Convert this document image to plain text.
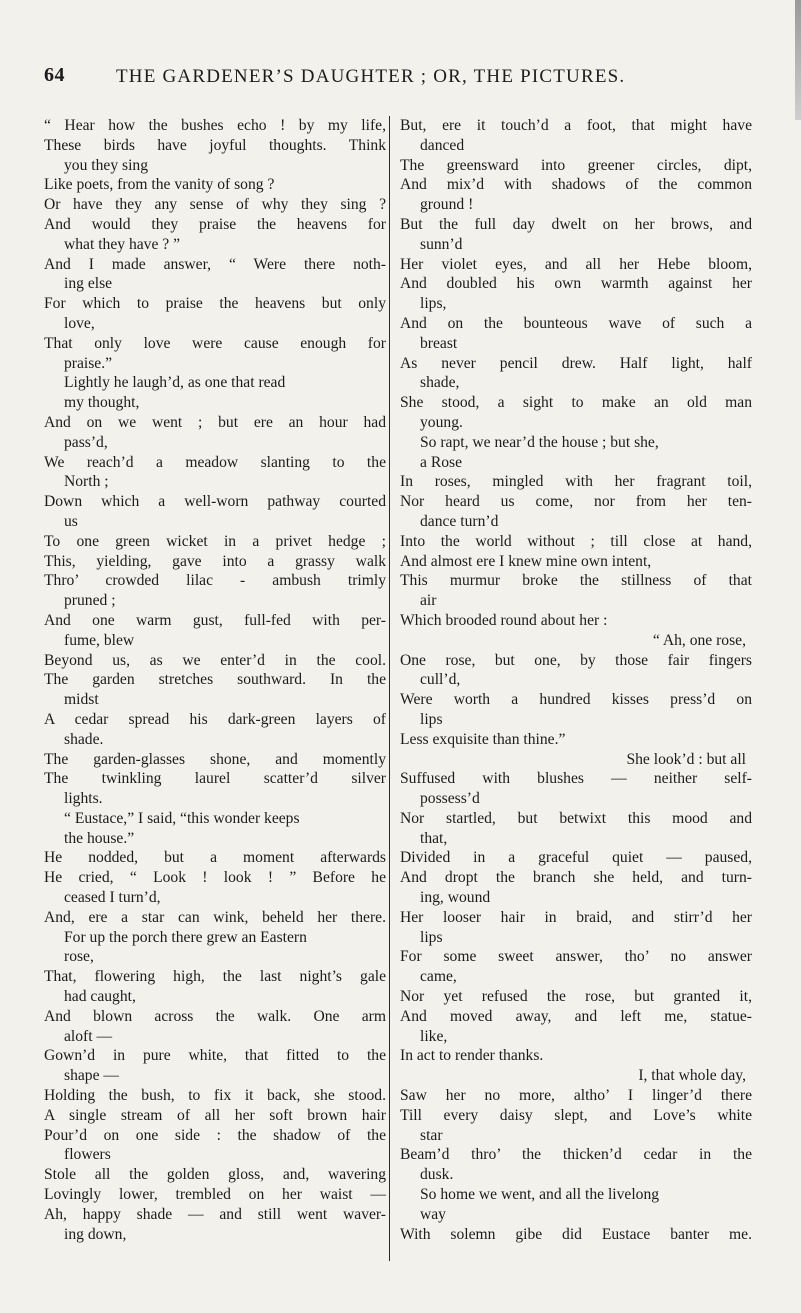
64	THE GARDENER’S DAUGHTER ; OR, THE PICTURES.
“ Hear how the bushes echo ! by my life,
These birds have joyful thoughts. Think
you they sing
Like poets, from the vanity of song ?
Or have they any sense of why they sing ?
And would they praise the heavens for
what they have ? ”
And I made answer, “ Were there noth-
ing else
For which to praise the heavens but only
love,
That only love were cause enough for
praise.”
Lightly he laugh’d, as one that read
my thought,
And on we went ; but ere an hour had
pass’d,
We reach’d a meadow slanting to the
North ;
Down which a well-worn pathway courted
us
To one green wicket in a privet hedge ;
This, yielding, gave into a grassy walk
Thro’ crowded lilac - ambush trimly
pruned ;
And one warm gust, full-fed with per-
fume, blew
Beyond us, as we enter’d in the cool.
The garden stretches southward. In the
midst
A cedar spread his dark-green layers of
shade.
The garden-glasses shone, and momently
The twinkling laurel scatter’d silver
lights.
“ Eustace,” I said, “this wonder keeps
the house.”
He nodded, but a moment afterwards
He cried, “ Look ! look ! ” Before he
ceased I turn’d,
And, ere a star can wink, beheld her there.
For up the porch there grew an Eastern
rose,
That, flowering high, the last night’s gale
had caught,
And blown across the walk. One arm
aloft —
Gown’d in pure white, that fitted to the
shape —
Holding the bush, to fix it back, she stood.
A single stream of all her soft brown hair
Pour’d on one side : the shadow of the
flowers
Stole all the golden gloss, and, wavering
Lovingly lower, trembled on her waist —
Ah, happy shade — and still went waver-
ing down,
But, ere it touch’d a foot, that might have
danced
The greensward into greener circles, dipt,
And mix’d with shadows of the common
ground !
But the full day dwelt on her brows, and
sunn’d
Her violet eyes, and all her Hebe bloom,
And doubled his own warmth against her
lips,
And on the bounteous wave of such a
breast
As never pencil drew. Half light, half
shade,
She stood, a sight to make an old man
young.
So rapt, we near’d the house ; but she,
a Rose
In roses, mingled with her fragrant toil,
Nor heard us come, nor from her ten-
dance turn’d
Into the world without ; till close at hand,
And almost ere I knew mine own intent,
This murmur broke the stillness of that
air
Which brooded round about her :
“ Ah, one rose,
One rose, but one, by those fair fingers
cull’d,
Were worth a hundred kisses press’d on
lips
Less exquisite than thine.”
She look’d : but all
Suffused with blushes — neither self-
possess’d
Nor startled, but betwixt this mood and
that,
Divided in a graceful quiet — paused,
And dropt the branch she held, and turn-
ing, wound
Her looser hair in braid, and stirr’d her
lips
For some sweet answer, tho’ no answer
came,
Nor yet refused the rose, but granted it,
And moved away, and left me, statue-
like,
In act to render thanks.
I, that whole day,
Saw her no more, altho’ I linger’d there
Till every daisy slept, and Love’s white
star
Beam’d thro’ the thicken’d cedar in the
dusk.
So home we went, and all the livelong
way
With solemn gibe did Eustace banter me.
